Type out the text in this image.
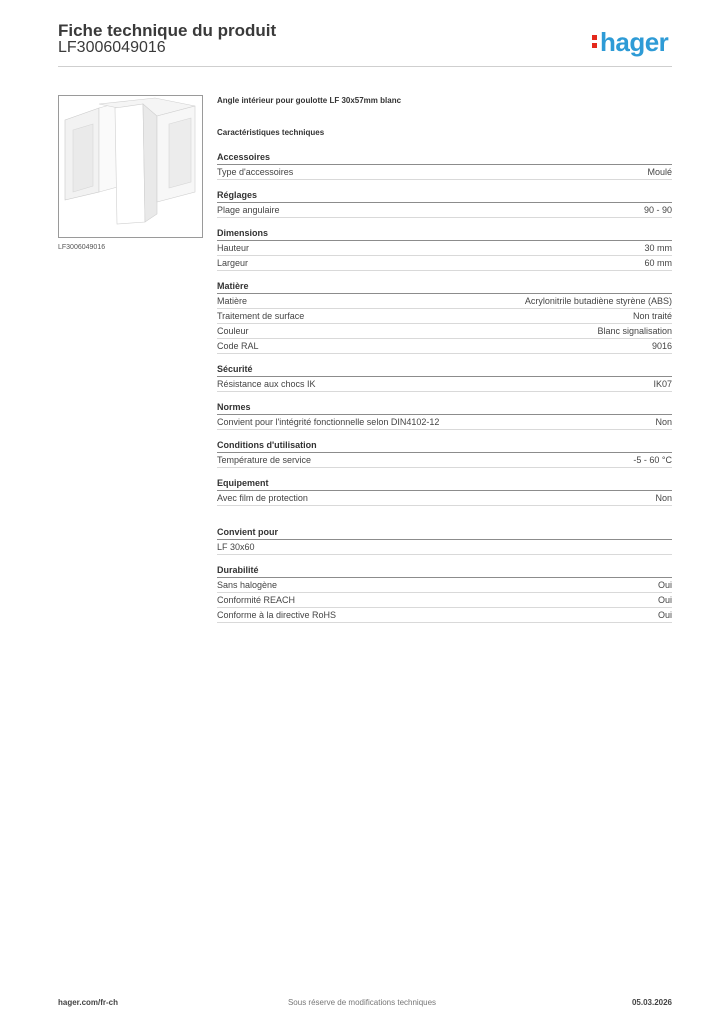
Fiche technique du produit
LF3006049016	hager
LF3006049016
Angle intérieur pour goulotte LF 30x57mm blanc
Caractéristiques techniques
Accessoires
Type d'accessoires	Moulé
Réglages
Plage angulaire	90 - 90
Dimensions
Hauteur	30 mm
Largeur	60 mm
Matière
Matière	Acrylonitrile butadiène styrène (ABS)
Traitement de surface	Non traité
Couleur	Blanc signalisation
Code RAL	9016
Sécurité
Résistance aux chocs IK	IK07
Normes
Convient pour l'intégrité fonctionnelle selon DIN4102-12	Non
Conditions d'utilisation
Température de service	-5 - 60 °C
Equipement
Avec film de protection	Non
Convient pour
LF 30x60
Durabilité
Sans halogène	Oui
Conformité REACH	Oui
Conforme à la directive RoHS	Oui
hager.com/fr-ch	Sous réserve de modifications techniques	05.03.2026
